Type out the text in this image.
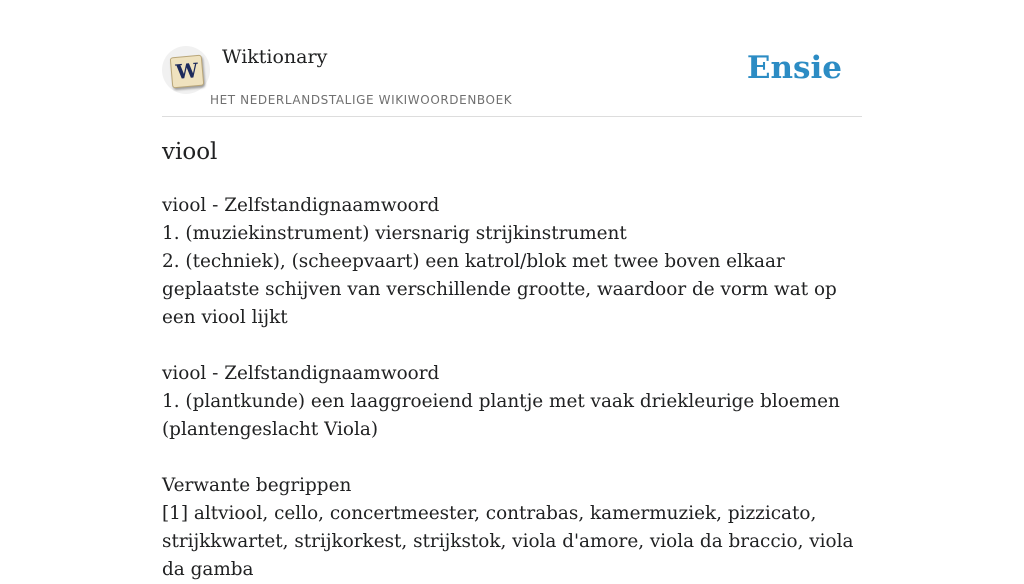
W
Wiktionary
HET NEDERLANDSTALIGE WIKIWOORDENBOEK
Ensie
viool

viool - Zelfstandignaamwoord

1. (muziekinstrument) viersnarig strijkinstrument

2. (techniek), (scheepvaart) een katrol/blok met twee boven elkaar geplaatste schijven van verschillende grootte, waardoor de vorm wat op een viool lijkt

viool - Zelfstandignaamwoord

1. (plantkunde) een laaggroeiend plantje met vaak driekleurige bloemen (plantengeslacht Viola)

Verwante begrippen

[1] altviool, cello, concertmeester, contrabas, kamermuziek, pizzicato, strijkkwartet, strijkorkest, strijkstok, viola d'amore, viola da braccio, viola da gamba
